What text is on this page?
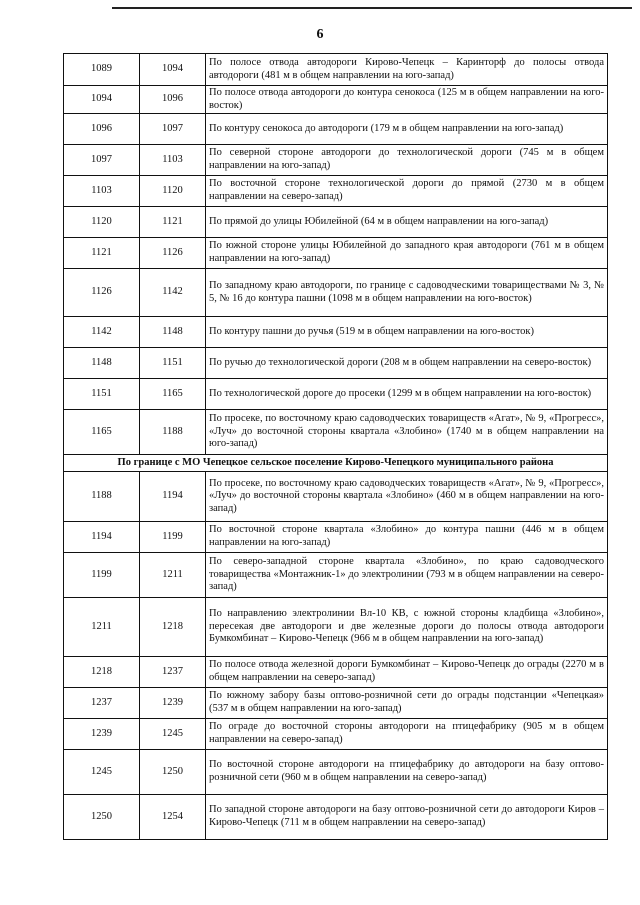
6
1089	1094	По полосе отвода автодороги Кирово-Чепецк – Каринторф до полосы отвода автодороги (481 м в общем направлении на юго-запад)
1094	1096	По полосе отвода автодороги до контура сенокоса (125 м в общем направлении на юго-восток)
1096	1097	По контуру сенокоса до автодороги (179 м в общем направлении на юго-запад)
1097	1103	По северной стороне автодороги до технологической дороги (745 м в общем направлении на юго-запад)
1103	1120	По восточной стороне технологической дороги до прямой (2730 м в общем направлении на северо-запад)
1120	1121	По прямой до улицы Юбилейной (64 м в общем направлении на юго-запад)
1121	1126	По южной стороне улицы Юбилейной до западного края автодороги (761 м в общем направлении на юго-запад)
1126	1142	По западному краю автодороги, по границе с садоводческими товариществами № 3, № 5, № 16 до контура пашни (1098 м в общем направлении на юго-восток)
1142	1148	По контуру пашни до ручья (519 м в общем направлении на юго-восток)
1148	1151	По ручью до технологической дороги (208 м в общем направлении на северо-восток)
1151	1165	По технологической дороге до просеки (1299 м в общем направлении на юго-восток)
1165	1188	По просеке, по восточному краю садоводческих товариществ «Агат», № 9, «Прогресс», «Луч» до восточной стороны квартала «Злобино» (1740 м в общем направлении на юго-запад)
По границе с МО Чепецкое сельское поселение Кирово-Чепецкого муниципального района		
1188	1194	По просеке, по восточному краю садоводческих товариществ «Агат», № 9, «Прогресс», «Луч» до восточной стороны квартала «Злобино» (460 м в общем направлении на юго-запад)
1194	1199	По восточной стороне квартала «Злобино» до контура пашни (446 м в общем направлении на юго-запад)
1199	1211	По северо-западной стороне квартала «Злобино», по краю садоводческого товарищества «Монтажник-1» до электролинии (793 м в общем направлении на северо-запад)
1211	1218	По направлению электролинии Вл-10 КВ, с южной стороны кладбища «Злобино», пересекая две автодороги и две железные дороги до полосы отвода автодороги Бумкомбинат – Кирово-Чепецк (966 м в общем направлении на юго-запад)
1218	1237	По полосе отвода железной дороги Бумкомбинат – Кирово-Чепецк до ограды (2270 м в общем направлении на северо-запад)
1237	1239	По южному забору базы оптово-розничной сети до ограды подстанции «Чепецкая» (537 м в общем направлении на юго-запад)
1239	1245	По ограде до восточной стороны автодороги на птицефабрику (905 м в общем направлении на северо-запад)
1245	1250	По восточной стороне автодороги на птицефабрику до автодороги на базу оптово-розничной сети (960 м в общем направлении на северо-запад)
1250	1254	По западной стороне автодороги на базу оптово-розничной сети до автодороги Киров – Кирово-Чепецк (711 м в общем направлении на северо-запад)
